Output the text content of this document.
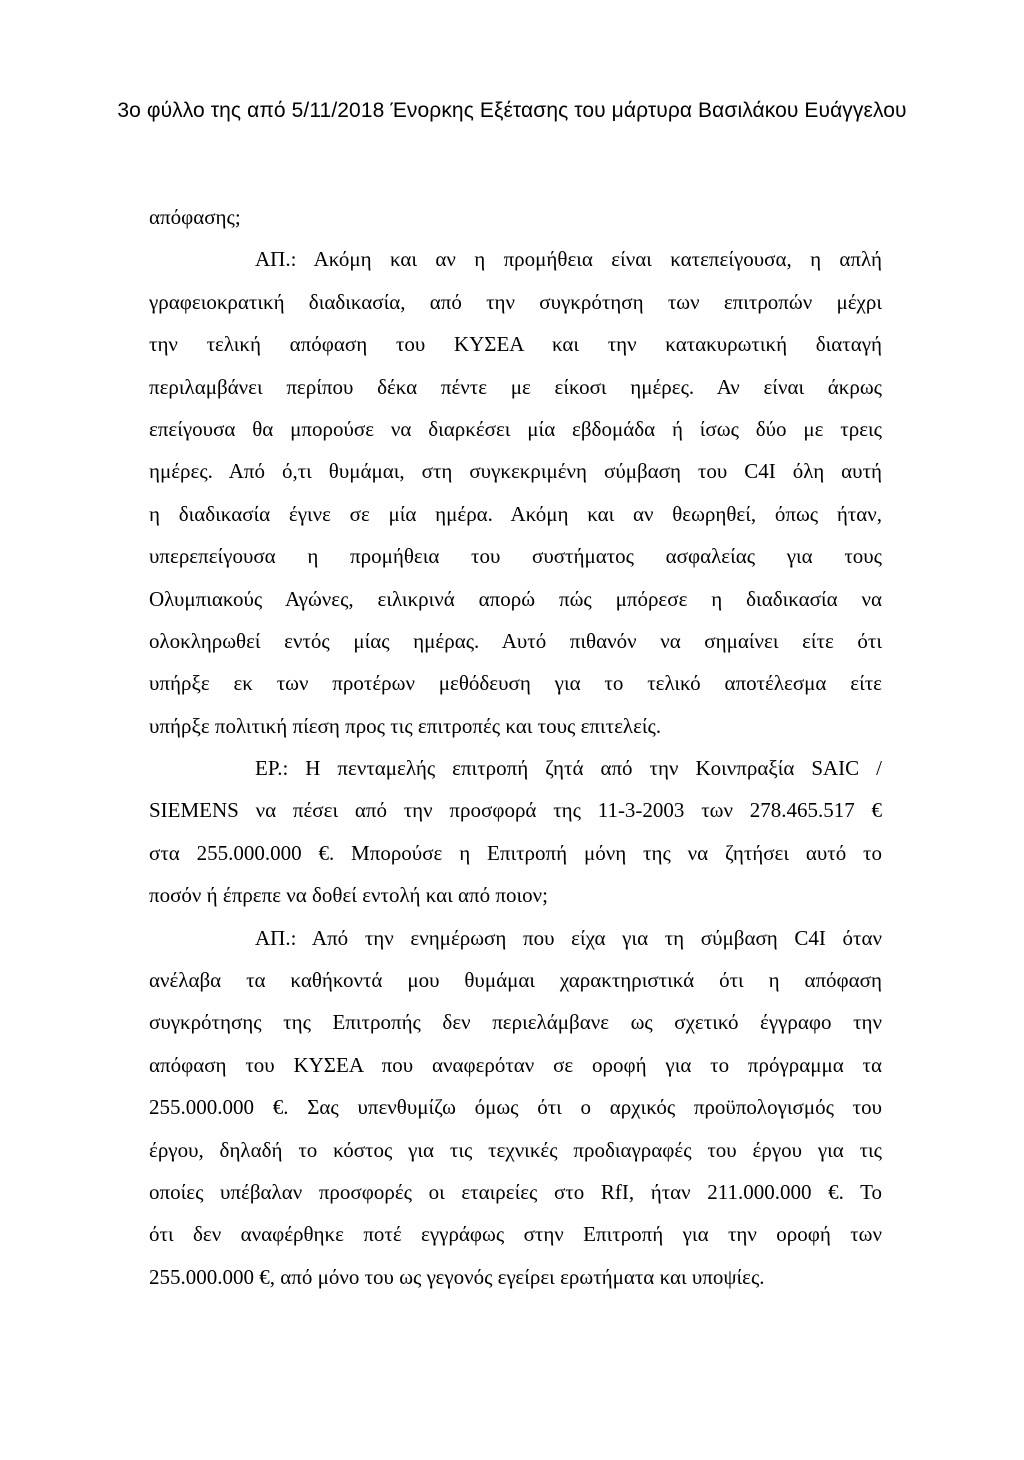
3ο φύλλο της από 5/11/2018 Ένορκης Εξέτασης του μάρτυρα Βασιλάκου Ευάγγελου
απόφασης;
ΑΠ.: Ακόμη και αν η προμήθεια είναι κατεπείγουσα, η απλή
γραφειοκρατική διαδικασία, από την συγκρότηση των επιτροπών μέχρι
την τελική απόφαση του ΚΥΣΕΑ και την κατακυρωτική διαταγή
περιλαμβάνει περίπου δέκα πέντε με είκοσι ημέρες. Αν είναι άκρως
επείγουσα θα μπορούσε να διαρκέσει μία εβδομάδα ή ίσως δύο με τρεις
ημέρες. Από ό,τι θυμάμαι, στη συγκεκριμένη σύμβαση του C4I όλη αυτή
η διαδικασία έγινε σε μία ημέρα. Ακόμη και αν θεωρηθεί, όπως ήταν,
υπερεπείγουσα η προμήθεια του συστήματος ασφαλείας για τους
Ολυμπιακούς Αγώνες, ειλικρινά απορώ πώς μπόρεσε η διαδικασία να
ολοκληρωθεί εντός μίας ημέρας. Αυτό πιθανόν να σημαίνει είτε ότι
υπήρξε εκ των προτέρων μεθόδευση για το τελικό αποτέλεσμα είτε
υπήρξε πολιτική πίεση προς τις επιτροπές και τους επιτελείς.
ΕΡ.: Η πενταμελής επιτροπή ζητά από την Κοινπραξία SAIC /
SIEMENS να πέσει από την προσφορά της 11-3-2003 των 278.465.517 €
στα 255.000.000 €. Μπορούσε η Επιτροπή μόνη της να ζητήσει αυτό το
ποσόν ή έπρεπε να δοθεί εντολή και από ποιον;
ΑΠ.: Από την ενημέρωση που είχα για τη σύμβαση C4I όταν
ανέλαβα τα καθήκοντά μου θυμάμαι χαρακτηριστικά ότι η απόφαση
συγκρότησης της Επιτροπής δεν περιελάμβανε ως σχετικό έγγραφο την
απόφαση του ΚΥΣΕΑ που αναφερόταν σε οροφή για το πρόγραμμα τα
255.000.000 €. Σας υπενθυμίζω όμως ότι ο αρχικός προϋπολογισμός του
έργου, δηλαδή το κόστος για τις τεχνικές προδιαγραφές του έργου για τις
οποίες υπέβαλαν προσφορές οι εταιρείες στο RfI, ήταν 211.000.000 €. Το
ότι δεν αναφέρθηκε ποτέ εγγράφως στην Επιτροπή για την οροφή των
255.000.000 €, από μόνο του ως γεγονός εγείρει ερωτήματα και υποψίες.
